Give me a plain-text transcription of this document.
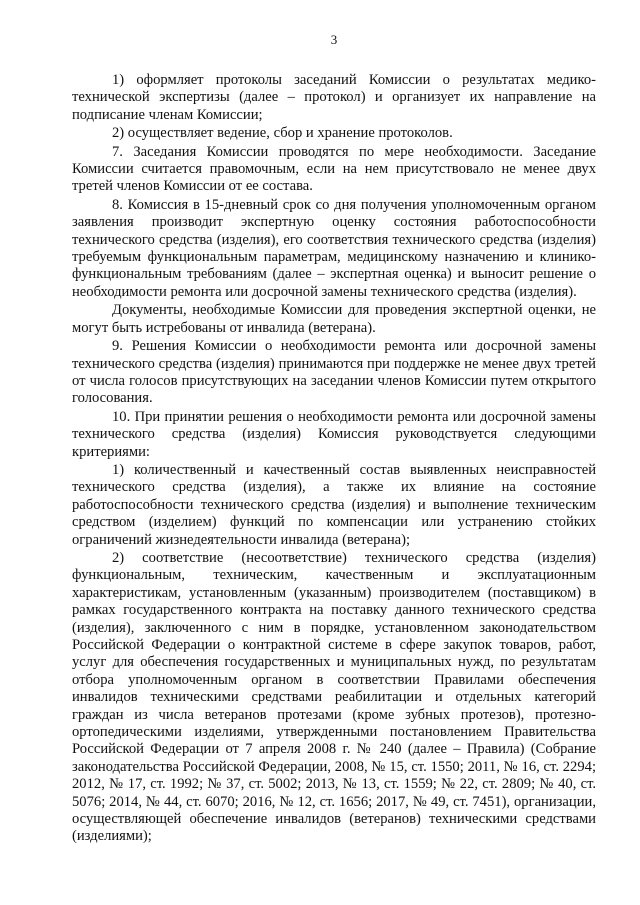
3

1) оформляет протоколы заседаний Комиссии о результатах медико-технической экспертизы (далее – протокол) и организует их направление на подписание членам Комиссии;

2) осуществляет ведение, сбор и хранение протоколов.

7. Заседания Комиссии проводятся по мере необходимости. Заседание Комиссии считается правомочным, если на нем присутствовало не менее двух третей членов Комиссии от ее состава.

8. Комиссия в 15-дневный срок со дня получения уполномоченным органом заявления производит экспертную оценку состояния работоспособности технического средства (изделия), его соответствия технического средства (изделия) требуемым функциональным параметрам, медицинскому назначению и клинико-функциональным требованиям (далее – экспертная оценка) и выносит решение о необходимости ремонта или досрочной замены технического средства (изделия).

Документы, необходимые Комиссии для проведения экспертной оценки, не могут быть истребованы от инвалида (ветерана).

9. Решения Комиссии о необходимости ремонта или досрочной замены технического средства (изделия) принимаются при поддержке не менее двух третей от числа голосов присутствующих на заседании членов Комиссии путем открытого голосования.

10. При принятии решения о необходимости ремонта или досрочной замены технического средства (изделия) Комиссия руководствуется следующими критериями:

1) количественный и качественный состав выявленных неисправностей технического средства (изделия), а также их влияние на состояние работоспособности технического средства (изделия) и выполнение техническим средством (изделием) функций по компенсации или устранению стойких ограничений жизнедеятельности инвалида (ветерана);

2) соответствие (несоответствие) технического средства (изделия) функциональным, техническим, качественным и эксплуатационным характеристикам, установленным (указанным) производителем (поставщиком) в рамках государственного контракта на поставку данного технического средства (изделия), заключенного с ним в порядке, установленном законодательством Российской Федерации о контрактной системе в сфере закупок товаров, работ, услуг для обеспечения государственных и муниципальных нужд, по результатам отбора уполномоченным органом в соответствии Правилами обеспечения инвалидов техническими средствами реабилитации и отдельных категорий граждан из числа ветеранов протезами (кроме зубных протезов), протезно-ортопедическими изделиями, утвержденными постановлением Правительства Российской Федерации от 7 апреля 2008 г. № 240 (далее – Правила) (Собрание законодательства Российской Федерации, 2008, № 15, ст. 1550; 2011, № 16, ст. 2294; 2012, № 17, ст. 1992; № 37, ст. 5002; 2013, № 13, ст. 1559; № 22, ст. 2809; № 40, ст. 5076; 2014, № 44, ст. 6070; 2016, № 12, ст. 1656; 2017, № 49, ст. 7451), организации, осуществляющей обеспечение инвалидов (ветеранов) техническими средствами (изделиями);
